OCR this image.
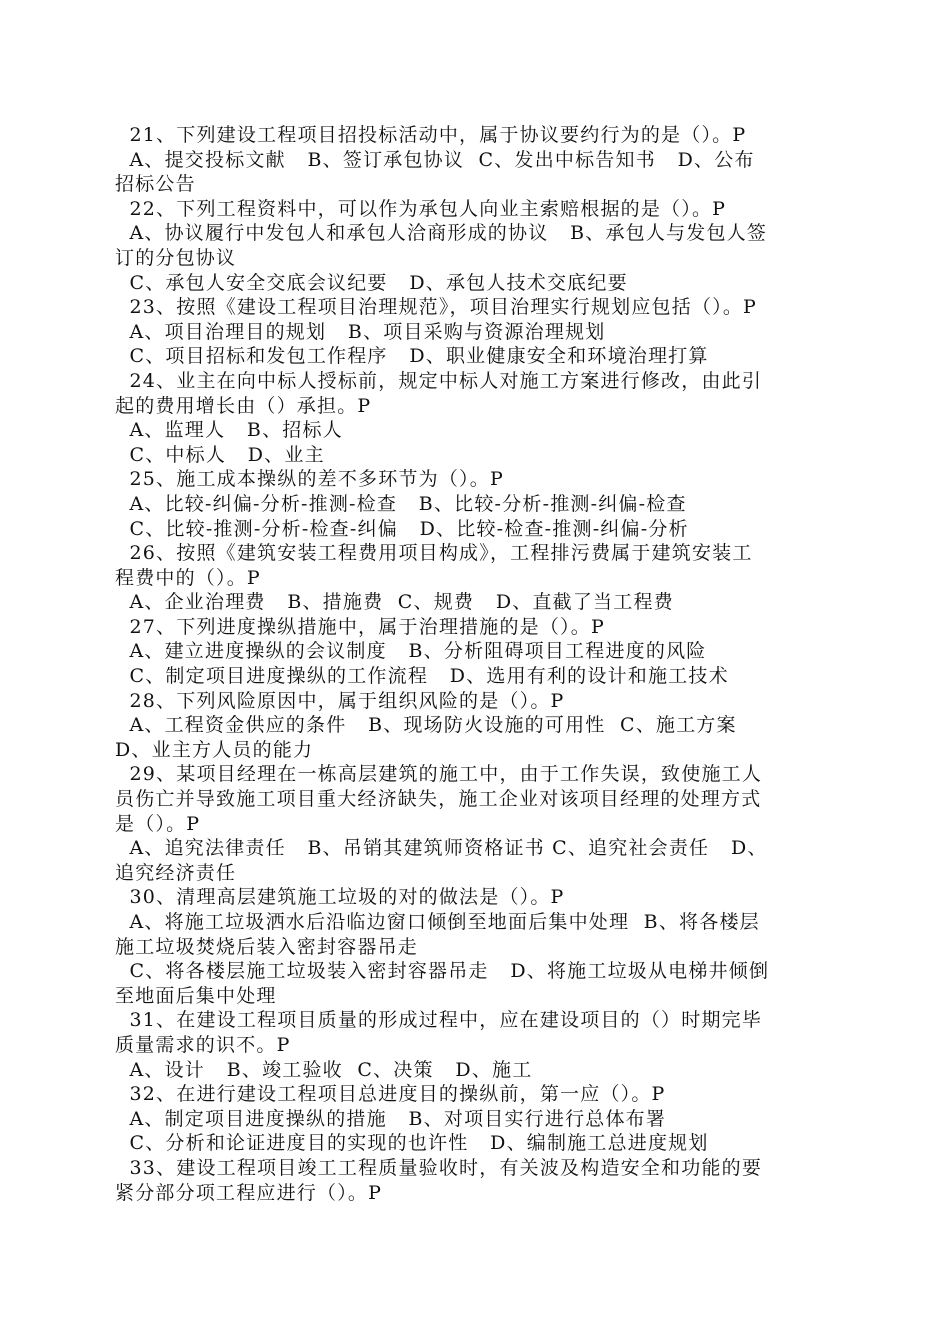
21、下列建设工程项目招投标活动中，属于协议要约行为的是（）。P
A、提交投标文献   B、签订承包协议  C、发出中标告知书   D、公布
招标公告
22、下列工程资料中，可以作为承包人向业主索赔根据的是（）。P
A、协议履行中发包人和承包人洽商形成的协议   B、承包人与发包人签
订的分包协议
C、承包人安全交底会议纪要   D、承包人技术交底纪要
23、按照《建设工程项目治理规范》，项目治理实行规划应包括（）。P
A、项目治理目的规划   B、项目采购与资源治理规划
C、项目招标和发包工作程序   D、职业健康安全和环境治理打算
24、业主在向中标人授标前，规定中标人对施工方案进行修改，由此引
起的费用增长由（）承担。P
A、监理人   B、招标人
C、中标人   D、业主
25、施工成本操纵的差不多环节为（）。P
A、比较-纠偏-分析-推测-检查   B、比较-分析-推测-纠偏-检查
C、比较-推测-分析-检查-纠偏   D、比较-检查-推测-纠偏-分析
26、按照《建筑安装工程费用项目构成》，工程排污费属于建筑安装工
程费中的（）。P
A、企业治理费   B、措施费  C、规费   D、直截了当工程费
27、下列进度操纵措施中，属于治理措施的是（）。P
A、建立进度操纵的会议制度   B、分析阻碍项目工程进度的风险
C、制定项目进度操纵的工作流程   D、选用有利的设计和施工技术
28、下列风险原因中，属于组织风险的是（）。P
A、工程资金供应的条件   B、现场防火设施的可用性  C、施工方案
D、业主方人员的能力
29、某项目经理在一栋高层建筑的施工中，由于工作失误，致使施工人
员伤亡并导致施工项目重大经济缺失，施工企业对该项目经理的处理方式
是（）。P
A、追究法律责任   B、吊销其建筑师资格证书 C、追究社会责任   D、
追究经济责任
30、清理高层建筑施工垃圾的对的做法是（）。P
A、将施工垃圾洒水后沿临边窗口倾倒至地面后集中处理  B、将各楼层
施工垃圾焚烧后装入密封容器吊走
C、将各楼层施工垃圾装入密封容器吊走   D、将施工垃圾从电梯井倾倒
至地面后集中处理
31、在建设工程项目质量的形成过程中，应在建设项目的（）时期完毕
质量需求的识不。P
A、设计   B、竣工验收  C、决策   D、施工
32、在进行建设工程项目总进度目的操纵前，第一应（）。P
A、制定项目进度操纵的措施   B、对项目实行进行总体布署
C、分析和论证进度目的实现的也许性   D、编制施工总进度规划
33、建设工程项目竣工工程质量验收时，有关波及构造安全和功能的要
紧分部分项工程应进行（）。P
